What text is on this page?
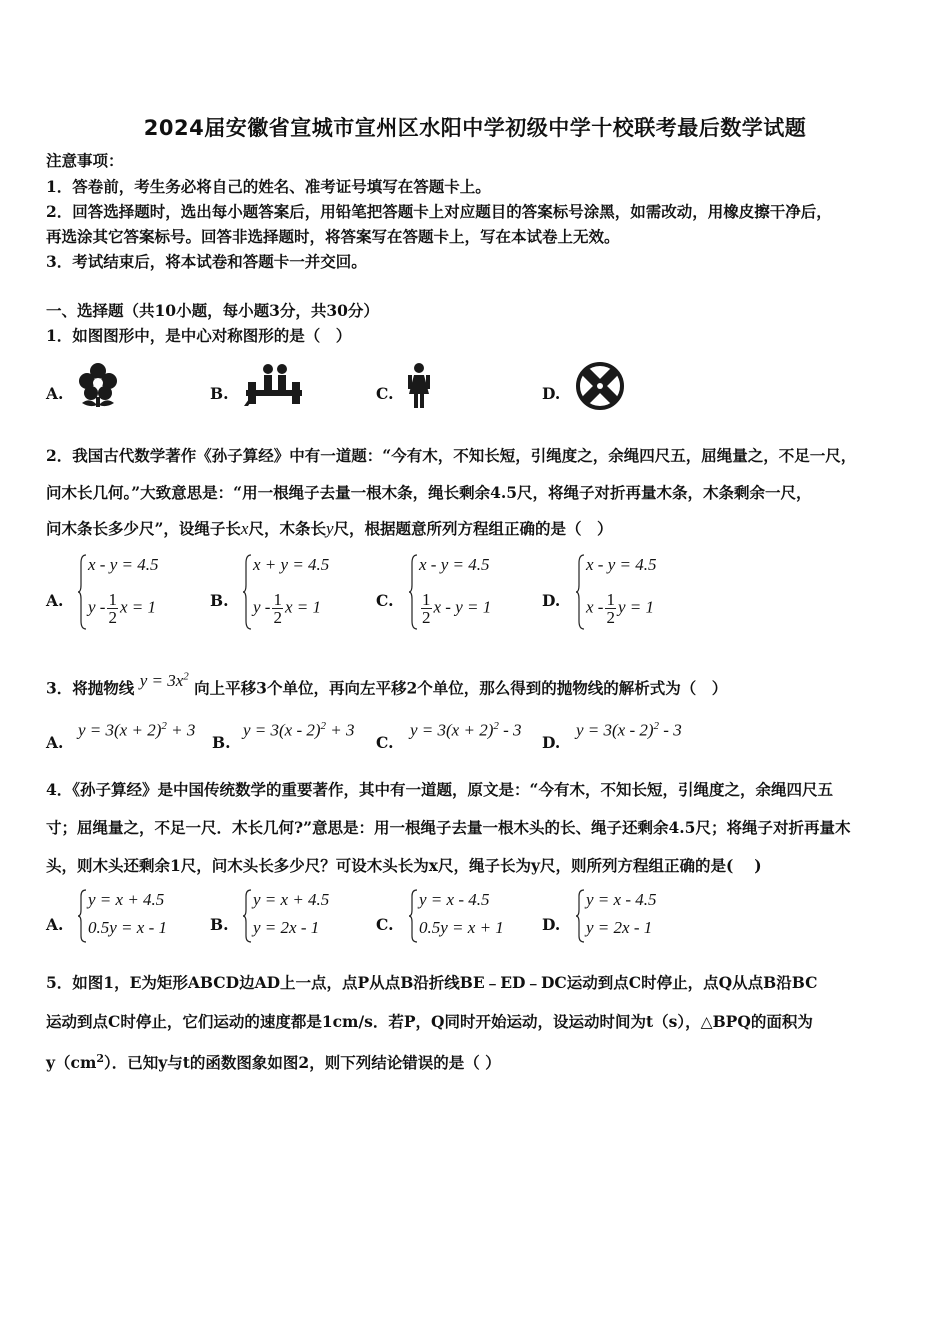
2024届安徽省宣城市宣州区水阳中学初级中学十校联考最后数学试题
注意事项：
1．答卷前，考生务必将自己的姓名、准考证号填写在答题卡上。
2．回答选择题时，选出每小题答案后，用铅笔把答题卡上对应题目的答案标号涂黑，如需改动，用橡皮擦干净后，
再选涂其它答案标号。回答非选择题时，将答案写在答题卡上，写在本试卷上无效。
3．考试结束后，将本试卷和答题卡一并交回。
一、选择题（共10小题，每小题3分，共30分）
1．如图图形中，是中心对称图形的是（　）
A.	B.	C.	D.
2．我国古代数学著作《孙子算经》中有一道题：“今有木，不知长短，引绳度之，余绳四尺五，屈绳量之，不足一尺，
问木长几何。”大致意思是：“用一根绳子去量一根木条，绳长剩余4.5尺，将绳子对折再量木条，木条剩余一尺，
问木条长多少尺”，设绳子长x尺，木条长y尺，根据题意所列方程组正确的是（　）
A.
x - y = 4.5
y - $\frac{1}{2}$ x = 1	B.
x + y = 4.5
y - $\frac{1}{2}$ x = 1	C.
x - y = 4.5
$\frac{1}{2}$ x - y = 1	D.
x - y = 4.5
x - $\frac{1}{2}$ y = 1
3．将抛物线 $y = 3x^2$ 向上平移3个单位，再向左平移2个单位，那么得到的抛物线的解析式为（　）
A.
$y = 3(x + 2)^2 + 3$
B.
y = 3(x - 2)$^2$ + 3
C.
$y = 3(x + 2)^2 - 3$
D.
y = 3(x - 2)$^2$ - 3
4．《孙子算经》是中国传统数学的重要著作，其中有一道题，原文是：“今有木，不知长短，引绳度之，余绳四尺五
寸；屈绳量之，不足一尺．木长几何?”意思是：用一根绳子去量一根木头的长、绳子还剩余4.5尺；将绳子对折再量木
头，则木头还剩余1尺，问木头长多少尺？可设木头长为x尺，绳子长为y尺，则所列方程组正确的是(　 )
A.
y = x + 4.5
0.5y = x - 1	B.
y = x + 4.5
y = 2x - 1	C.
y = x - 4.5
0.5y = x + 1 D.
y = x - 4.5
y = 2x - 1
5．如图1，E为矩形ABCD边AD上一点，点P从点B沿折线BE﹣ED﹣DC运动到点C时停止，点Q从点B沿BC
运动到点C时停止，它们运动的速度都是1cm/s．若P，Q同时开始运动，设运动时间为t（s），△BPQ的面积为
$y(cm^2)$．已知y与t的函数图象如图2，则下列结论错误的是（ ）
